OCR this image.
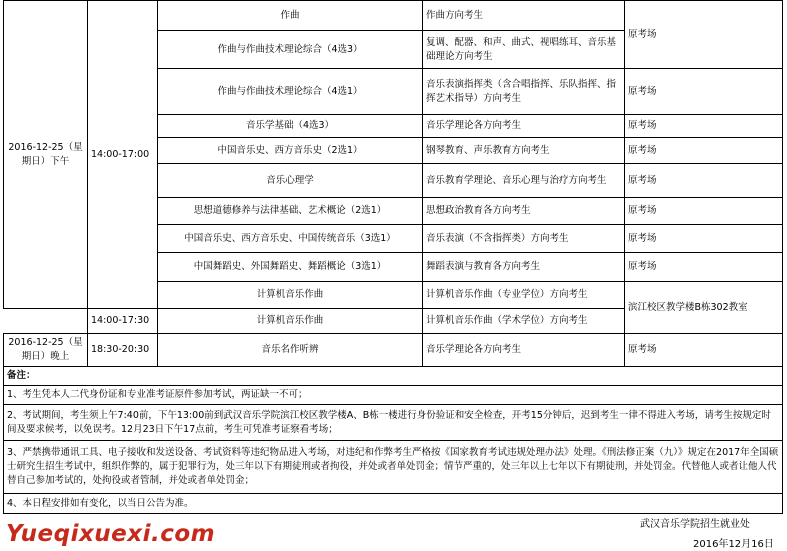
2016-12-25（星期日）下午	14:00-17:00	作曲	作曲方向考生	原考场
		作曲与作曲技术理论综合（4选3）	复调、配器、和声、曲式、视唱练耳、音乐基础理论方向考生	
		作曲与作曲技术理论综合（4选1）	音乐表演指挥类（含合唱指挥、乐队指挥、指挥艺术指导）方向考生	原考场
		音乐学基础（4选3）	音乐学理论各方向考生	原考场
		中国音乐史、西方音乐史（2选1）	钢琴教育、声乐教育方向考生	原考场
		音乐心理学	音乐教育学理论、音乐心理与治疗方向考生	原考场
		思想道德修养与法律基础、艺术概论（2选1）	思想政治教育各方向考生	原考场
		中国音乐史、西方音乐史、中国传统音乐（3选1）	音乐表演（不含指挥类）方向考生	原考场
		中国舞蹈史、外国舞蹈史、舞蹈概论（3选1）	舞蹈表演与教育各方向考生	原考场
		计算机音乐作曲	计算机音乐作曲（专业学位）方向考生	滨江校区教学楼B栋302教室
	14:00-17:30	计算机音乐作曲	计算机音乐作曲（学术学位）方向考生	
2016-12-25（星期日）晚上	18:30-20:30	音乐名作听辨	音乐学理论各方向考生	原考场
备注：				
1、考生凭本人二代身份证和专业准考证原件参加考试，两证缺一不可；				
2、考试期间，考生须上午7:40前，下午13:00前到武汉音乐学院滨江校区教学楼A、B栋一楼进行身份验证和安全检查，开考15分钟后，迟到考生一律不得进入考场，请考生按规定时间及要求候考，以免误考。12月23日下午17点前，考生可凭准考证察看考场；				
3、严禁携带通讯工具、电子接收和发送设备、考试资料等违纪物品进入考场，对违纪和作弊考生严格按《国家教育考试违规处理办法》处理。《刑法修正案（九）》规定在2017年全国硕士研究生招生考试中，组织作弊的，属于犯罪行为，处三年以下有期徒刑或者拘役，并处或者单处罚金；情节严重的，处三年以上七年以下有期徒刑，并处罚金。代替他人或者让他人代替自己参加考试的，处拘役或者管制，并处或者单处罚金；				
4、本日程安排如有变化，以当日公告为准。				
Yueqixuexi.com	武汉音乐学院招生就业处
2016年12月16日
